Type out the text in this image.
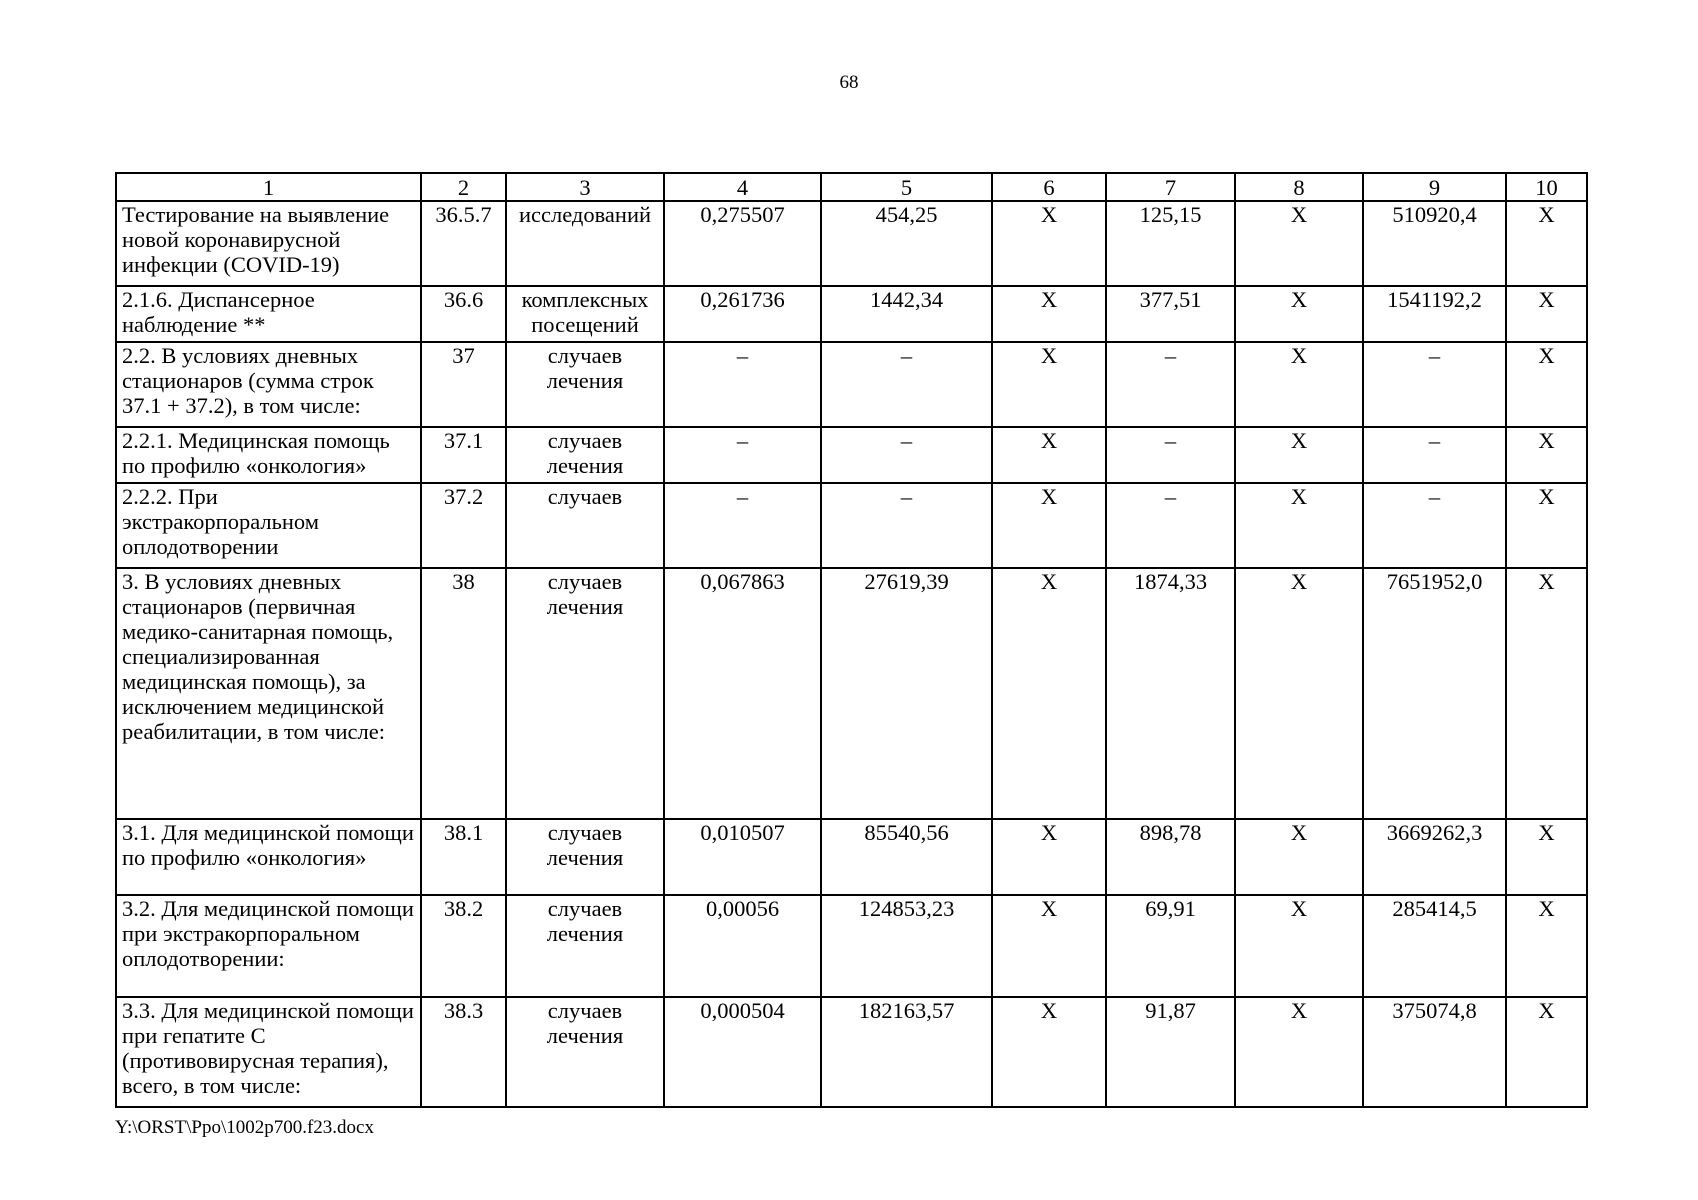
68
1	2	3	4	5	6	7	8	9	10
Тестирование на выявление новой коронавирусной инфекции (COVID-19)	36.5.7	исследований	0,275507	454,25	Х	125,15	Х	510920,4	Х
2.1.6. Диспансерное наблюдение **	36.6	комплексных посещений	0,261736	1442,34	Х	377,51	Х	1541192,2	Х
2.2. В условиях дневных стационаров (сумма строк 37.1 + 37.2), в том числе:	37	случаев лечения	–	–	Х	–	Х	–	Х
2.2.1. Медицинская помощь по профилю «онкология»	37.1	случаев лечения	–	–	Х	–	Х	–	Х
2.2.2. При экстракорпоральном оплодотворении	37.2	случаев	–	–	Х	–	Х	–	Х
3. В условиях дневных стационаров (первичная медико-санитарная помощь, специализированная медицинская помощь), за исключением медицинской реабилитации, в том числе:	38	случаев лечения	0,067863	27619,39	Х	1874,33	Х	7651952,0	Х
3.1. Для медицинской помощи по профилю «онкология»	38.1	случаев лечения	0,010507	85540,56	Х	898,78	Х	3669262,3	Х
3.2. Для медицинской помощи при экстракорпоральном оплодотворении:	38.2	случаев лечения	0,00056	124853,23	Х	69,91	Х	285414,5	Х
3.3. Для медицинской помощи при гепатите С (противовирусная терапия), всего, в том числе:	38.3	случаев лечения	0,000504	182163,57	Х	91,87	Х	375074,8	Х
Y:\ORST\Ppo\1002p700.f23.docx
